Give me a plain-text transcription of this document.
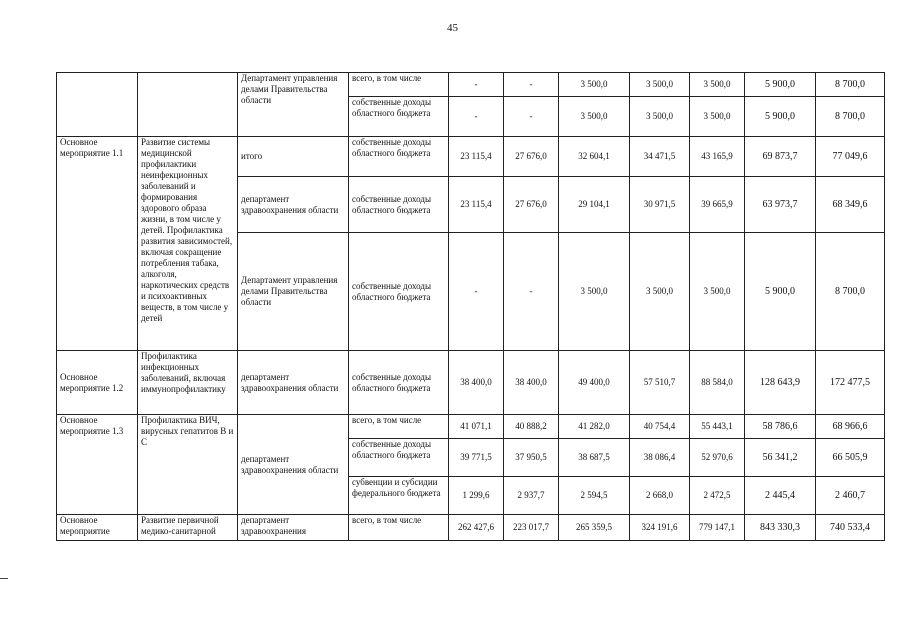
45
		Департамент управления делами Правительства области	всего, в том числе	-	-	3 500,0	3 500,0	3 500,0	5 900,0	8 700,0
			собственные доходы областного бюджета	-	-	3 500,0	3 500,0	3 500,0	5 900,0	8 700,0
Основное мероприятие 1.1	Развитие системы медицинской профилактики неинфекционных заболеваний и формирования здорового образа жизни, в том числе у детей. Профилактика развития зависимостей, включая сокращение потребления табака, алкоголя, наркотических средств и психоактивных веществ, в том числе у детей	итого	собственные доходы областного бюджета	23 115,4	27 676,0	32 604,1	34 471,5	43 165,9	69 873,7	77 049,6
		департамент здравоохранения области	собственные доходы областного бюджета	23 115,4	27 676,0	29 104,1	30 971,5	39 665,9	63 973,7	68 349,6
		Департамент управления делами Правительства области	собственные доходы областного бюджета	-	-	3 500,0	3 500,0	3 500,0	5 900,0	8 700,0
Основное мероприятие 1.2	Профилактика инфекционных заболеваний, включая иммунопрофилактику	департамент здравоохранения области	собственные доходы областного бюджета	38 400,0	38 400,0	49 400,0	57 510,7	88 584,0	128 643,9	172 477,5
Основное мероприятие 1.3	Профилактика ВИЧ, вирусных гепатитов В и С	департамент здравоохранения области	всего, в том числе	41 071,1	40 888,2	41 282,0	40 754,4	55 443,1	58 786,6	68 966,6
			собственные доходы областного бюджета	39 771,5	37 950,5	38 687,5	38 086,4	52 970,6	56 341,2	66 505,9
			субвенции и субсидии федерального бюджета	1 299,6	2 937,7	2 594,5	2 668,0	2 472,5	2 445,4	2 460,7
Основное мероприятие	Развитие первичной медико-санитарной	департамент здравоохранения	всего, в том числе	262 427,6	223 017,7	265 359,5	324 191,6	779 147,1	843 330,3	740 533,4
